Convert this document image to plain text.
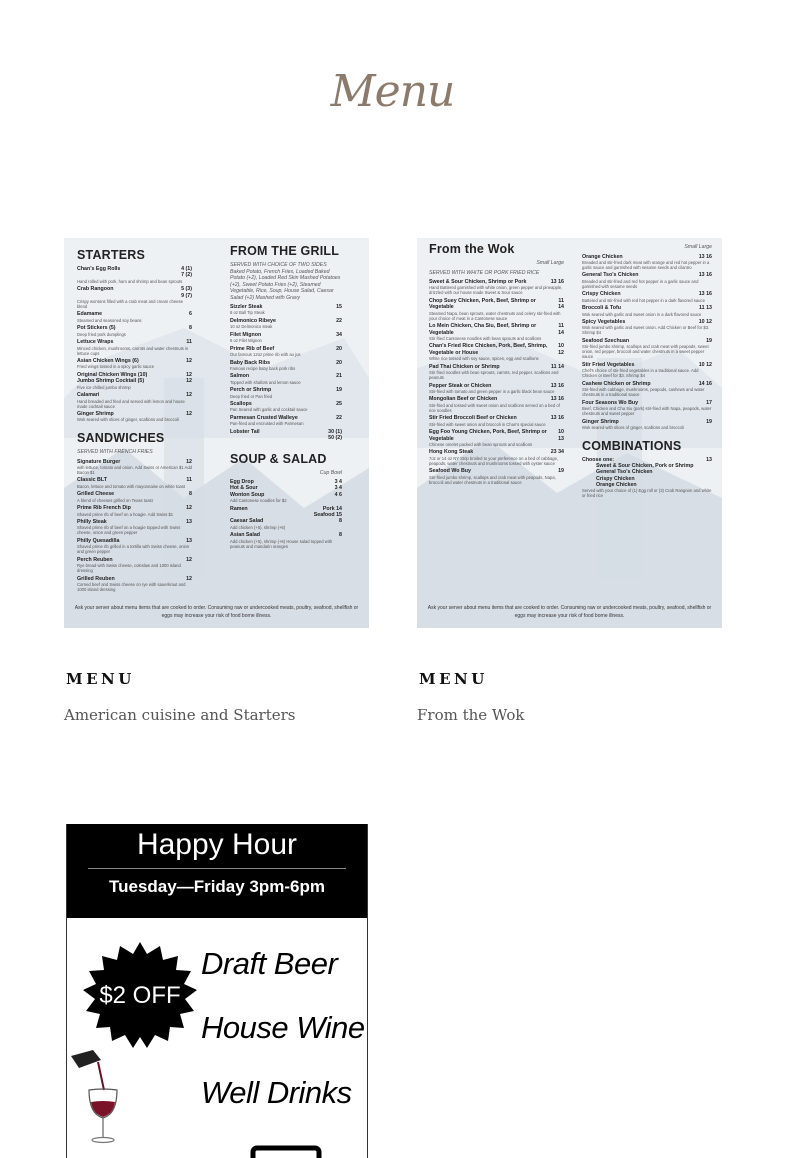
Menu
STARTERS
Chan's Egg Rolls	4 (1)
7 (2)
Hand rolled with pork, ham and shrimp and bean sprouts
Crab Rangoon	5 (3)
9 (7)
Crispy wontons filled with a crab meat and cream cheese blend
Edamame	6
Steamed and seasoned soy beans
Pot Stickers (5)	8
Deep fried pork dumplings
Lettuce Wraps	11
Minced chicken, mushrooms, carrots and water chestnuts in lettuce cups
Asian Chicken Wings (6)	12
Fried wings tossed in a spicy garlic sauce
Original Chicken Wings (10)	12
Jumbo Shrimp Cocktail (5)	12
Five ice chilled jumbo shrimp
Calamari	12
Hand breaded and fried and served with lemon and house made cocktail sauce
Ginger Shrimp	12
Wok seared with slices of ginger, scallions and broccoli
SANDWICHES
SERVED WITH FRENCH FRIES
Signature Burger	12
with lettuce, tomato and onion. Add Swiss or American $1 Add Bacon $1
Classic BLT	11
Bacon, lettuce and tomato with mayonnaise on white toast
Grilled Cheese	8
A blend of cheeses grilled on Texas toast
Prime Rib French Dip	12
Shaved prime rib of beef on a hoagie. Add Swiss $1
Philly Steak	13
Shaved prime rib of beef on a hoagie topped with Swiss cheese, onion and green pepper
Philly Quesadilla	13
Shaved prime rib grilled in a tortilla with Swiss cheese, onion and green pepper
Perch Reuben	12
Rye bread with Swiss cheese, coleslaw and 1000 island dressing
Grilled Reuben	12
Corned beef and Swiss cheese on rye with sauerkraut and 1000 island dressing
FROM THE GRILL
SERVED WITH CHOICE OF TWO SIDES
Baked Potato, French Fries, Loaded Baked Potato (+2), Loaded Red Skin Mashed Potatoes (+2), Sweet Potato Fries (+2), Steamed Vegetable, Rice, Soup, House Salad, Caesar Salad (+2) Mashed with Gravy
Sizzler Steak	15
8 oz Ball Tip Steak
Delmonico Ribeye	22
10 oz Delmonico steak
Filet Mignon	34
6 oz Filet Mignon
Prime Rib of Beef	20
Our famous 12oz prime rib with au jus
Baby Back Ribs	20
Famous recipe baby back pork ribs
Salmon	21
Topped with shallots and lemon sauce
Perch or Shrimp	19
Deep fried or Pan fried
Scallops	25
Pan Seared with garlic and cocktail sauce
Parmesan Crusted Walleye	22
Pan-fried and encrusted with Parmesan
Lobster Tail	30 (1)
50 (2)
SOUP & SALAD
Cup Bowl
Egg Drop	3 4
Hot & Sour	3 4
Wonton Soup	4 6
Add Cantonese noodles for $2
Ramen	Pork 14
Seafood 15
Caesar Salad	8
Add chicken (+5), shrimp (+6)
Asian Salad	8
Add chicken (+5), shrimp (+6) House salad topped with peanuts and mandarin oranges
Ask your server about menu items that are cooked to order. Consuming raw or undercooked meats, poultry, seafood, shellfish or eggs may increase your risk of food borne illness.
From the Wok
Small Large
SERVED WITH WHITE OR PORK FRIED RICE
Sweet & Sour Chicken, Shrimp or Pork	13 16
Hand Battered garnished with white onion, green pepper and pineapple, drizzled with our house made Sweet & Sour sauce
Chop Suey Chicken, Pork, Beef, Shrimp or Vegetable
11 14
Steamed Napa, bean sprouts, water chestnuts and celery stir-fried with your choice of meat in a Cantonese sauce
Lo Mein Chicken, Cha Siu, Beef, Shrimp or Vegetable
11 14
Stir fried Cantonese noodles with bean sprouts and scallions
Chan's Fried Rice Chicken, Pork, Beef, Shrimp, Vegetable or House
10 12
White rice tossed with soy sauce, spices, egg and scallions
Pad Thai Chicken or Shrimp	11 14
Stir fried noodles with bean sprouts, carrots, red pepper, scallions and peanuts
Pepper Steak or Chicken	13 16
Stir-fried with tomato and green pepper in a garlic black bean sauce
Mongolian Beef or Chicken	13 16
Stir-fried and tossed with sweet onion and scallions served on a bed of rice noodles
Stir Fried Broccoli Beef or Chicken	13 16
Stir-fried with sweet onion and broccoli in Chan's special sauce
Egg Foo Young Chicken, Pork, Beef, Shrimp or Vegetable
10 13
Chinese omelet packed with bean sprouts and scallions
Hong Kong Steak	23 34
7oz or 14 oz NY Strip broiled to your preference on a bed of cabbage, peapods, water chestnuts and mushrooms tossed with oyster sauce
Seafood Wo Buy	19
Stir-fried jumbo shrimp, scallops and crab meat with peapods, Napa, broccoli and water chestnuts in a traditional sauce
Small Large
Orange Chicken	13 16
Breaded and stir-fried dark meat with orange and red hot pepper in a garlic sauce and garnished with sesame seeds and cilantro
General Tso's Chicken	13 16
Breaded and stir-fried and red hot pepper in a garlic sauce and garnished with sesame seeds
Crispy Chicken	13 16
Battered and stir-fried with red hot pepper in a dark flavored sauce
Broccoli & Tofu	11 13
Wok seared with garlic and sweet onion in a dark flavored sauce
Spicy Vegetables	10 12
Wok seared with garlic and sweet onion. Add Chicken or Beef for $3. Shrimp $4
Seafood Szechuan	19
Stir-fried jumbo shrimp, scallops and crab meat with peapods, sweet onion, red pepper, broccoli and water chestnuts in a sweet pepper sauce
Stir Fried Vegetables	10 12
Chef's choice of stir-fried vegetables in a traditional sauce. Add Chicken or Beef for $3. Shrimp $4
Cashew Chicken or Shrimp	14 16
Stir-fried with cabbage, mushrooms, peapods, cashews and water chestnuts in a traditional sauce
Four Seasons Wo Buy	17
Beef, Chicken and Cha Siu (pork) stir-fried with Napa, peapods, water chestnuts and sweet pepper
Ginger Shrimp	19
Wok seared with slices of ginger, scallions and broccoli
COMBINATIONS
Choose one:	13
Sweet & Sour Chicken, Pork or Shrimp
General Tso's Chicken
Crispy Chicken
Orange Chicken
Served with your choice of (1) Egg roll or (3) Crab Rangoon and white or fried rice
Ask your server about menu items that are cooked to order. Consuming raw or undercooked meats, poultry, seafood, shellfish or eggs may increase your risk of food borne illness.
MENU
American cuisine and Starters
MENU
From the Wok
Happy Hour
Tuesday—Friday 3pm-6pm
$2 OFF
Draft Beer
House Wine
Well Drinks
